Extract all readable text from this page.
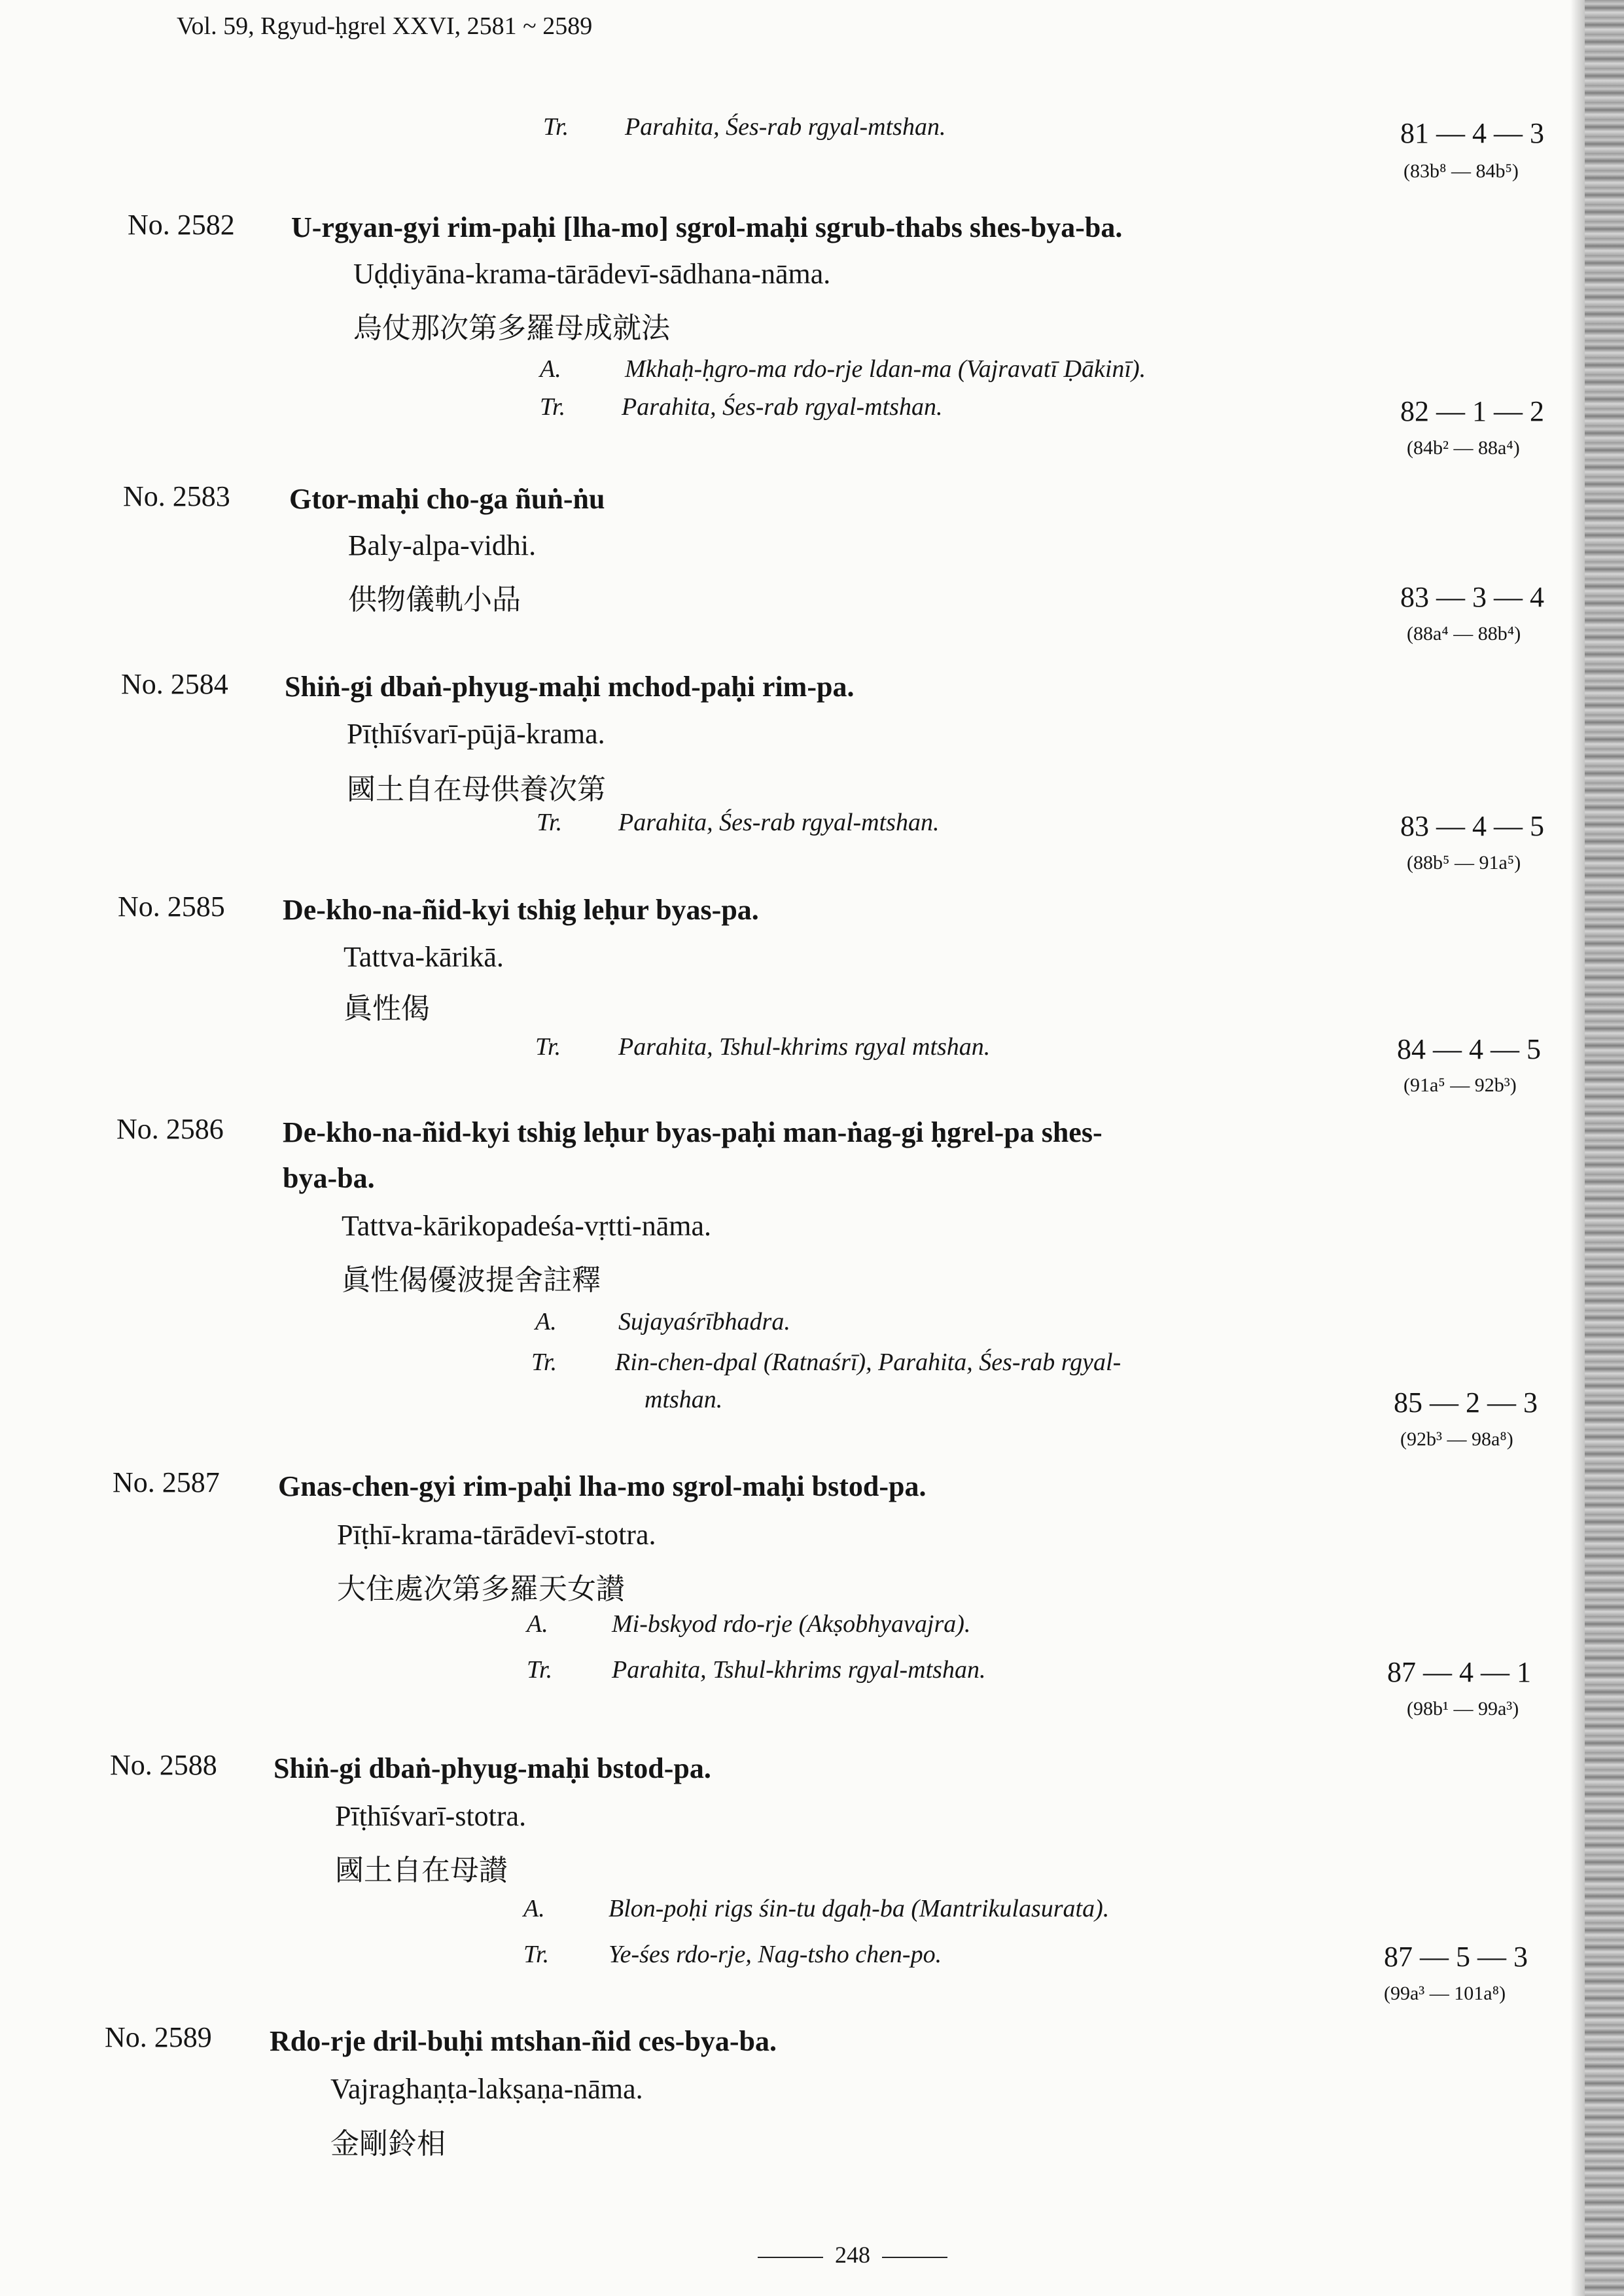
Vol. 59, Rgyud-ḥgrel XXVI, 2581 ~ 2589
Tr. Parahita, Śes-rab rgyal-mtshan.	81 — 4 — 3
(83b⁸ — 84b⁵)
No. 2582 U-rgyan-gyi rim-paḥi [lha-mo] sgrol-maḥi sgrub-thabs shes-bya-ba.
Uḍḍiyāna-krama-tārādevī-sādhana-nāma.
烏仗那次第多羅母成就法
A.	Mkhaḥ-ḥgro-ma rdo-rje ldan-ma (Vajravatī Ḍākinī).
Tr. Parahita, Śes-rab rgyal-mtshan.	82 — 1 — 2
(84b² — 88a⁴)
No. 2583 Gtor-maḥi cho-ga ñuṅ-ṅu
Baly-alpa-vidhi.
供物儀軌小品	83 — 3 — 4
(88a⁴ — 88b⁴)
No. 2584 Shiṅ-gi dbaṅ-phyug-maḥi mchod-paḥi rim-pa.
Pīṭhīśvarī-pūjā-krama.
國土自在母供養次第
Tr. Parahita, Śes-rab rgyal-mtshan.	83 — 4 — 5
(88b⁵ — 91a⁵)
No. 2585 De-kho-na-ñid-kyi tshig leḥur byas-pa.
Tattva-kārikā.
眞性偈
Tr. Parahita, Tshul-khrims rgyal mtshan.	84 — 4 — 5
(91a⁵ — 92b³)
No. 2586 De-kho-na-ñid-kyi tshig leḥur byas-paḥi man-ṅag-gi ḥgrel-pa shes-
bya-ba.
Tattva-kārikopadeśa-vṛtti-nāma.
眞性偈優波提舍註釋
A. Sujayaśrībhadra.
Tr. Rin-chen-dpal (Ratnaśrī), Parahita, Śes-rab rgyal-
mtshan.	85 — 2 — 3
(92b³ — 98a⁸)
No. 2587 Gnas-chen-gyi rim-paḥi lha-mo sgrol-maḥi bstod-pa.
Pīṭhī-krama-tārādevī-stotra.
大住處次第多羅天女讃
A.	Mi-bskyod rdo-rje (Akṣobhyavajra).
Tr. Parahita, Tshul-khrims rgyal-mtshan.	87 — 4 — 1
(98b¹ — 99a³)
No. 2588 Shiṅ-gi dbaṅ-phyug-maḥi bstod-pa.
Pīṭhīśvarī-stotra.
國土自在母讃
A.	Blon-poḥi rigs śin-tu dgaḥ-ba (Mantrikulasurata).
Tr. Ye-śes rdo-rje, Nag-tsho chen-po.	87 — 5 — 3
(99a³ — 101a⁸)
No. 2589 Rdo-rje dril-buḥi mtshan-ñid ces-bya-ba.
Vajraghaṇṭa-lakṣaṇa-nāma.
金剛鈴相
248
